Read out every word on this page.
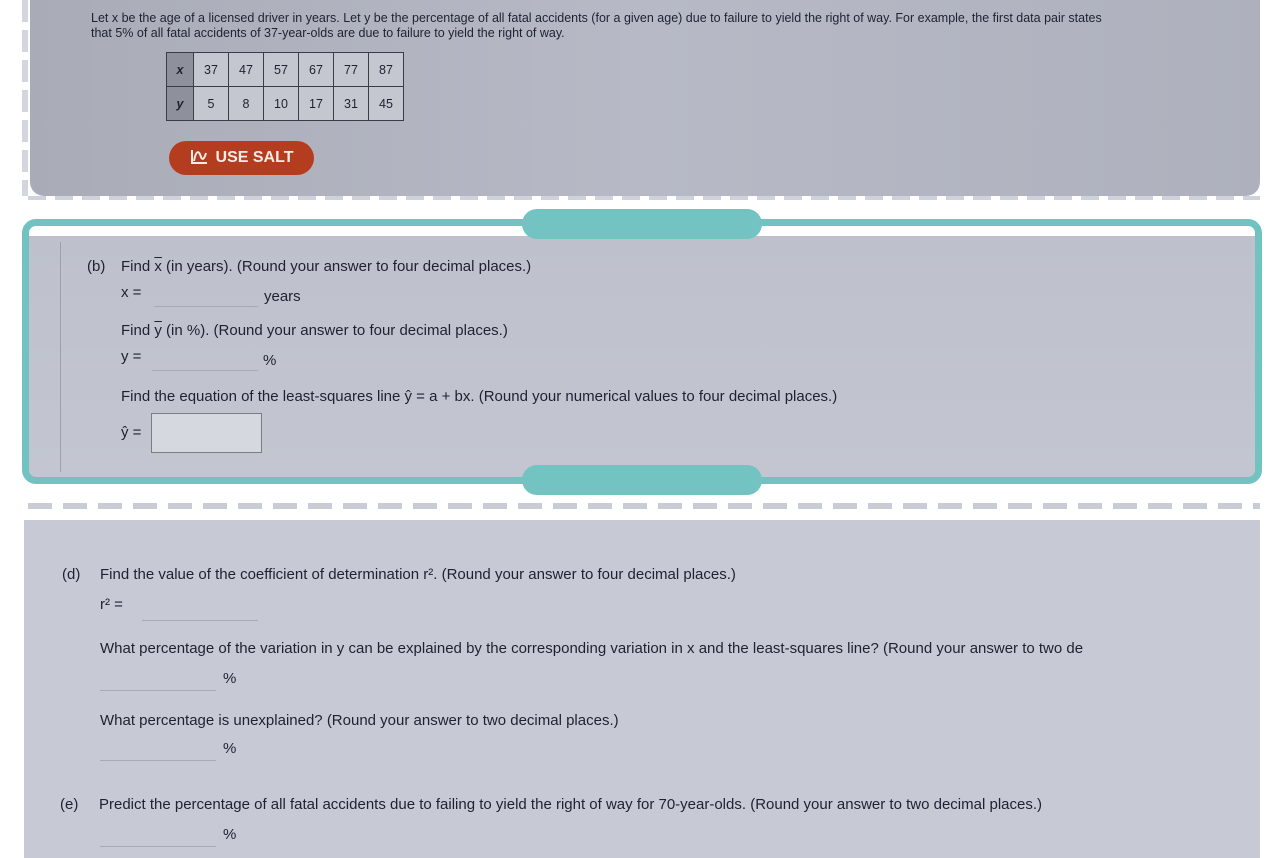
Let x be the age of a licensed driver in years. Let y be the percentage of all fatal accidents (for a given age) due to failure to yield the right of way. For example, the first data pair states
that 5% of all fatal accidents of 37-year-olds are due to failure to yield the right of way.
x	37	47	57	67	77	87
y	5	8	10	17	31	45
USE SALT
(b) Find $\overline{x}$ (in years). (Round your answer to four decimal places.)
x =	years
Find $\overline{y}$ (in %). (Round your answer to four decimal places.)
y =	%
Find the equation of the least-squares line ŷ = a + bx. (Round your numerical values to four decimal places.)
ŷ =
(d) Find the value of the coefficient of determination r². (Round your answer to four decimal places.)
r² =
What percentage of the variation in y can be explained by the corresponding variation in x and the least-squares line? (Round your answer to two de
%
What percentage is unexplained? (Round your answer to two decimal places.)
%
(e) Predict the percentage of all fatal accidents due to failing to yield the right of way for 70-year-olds. (Round your answer to two decimal places.)
%
